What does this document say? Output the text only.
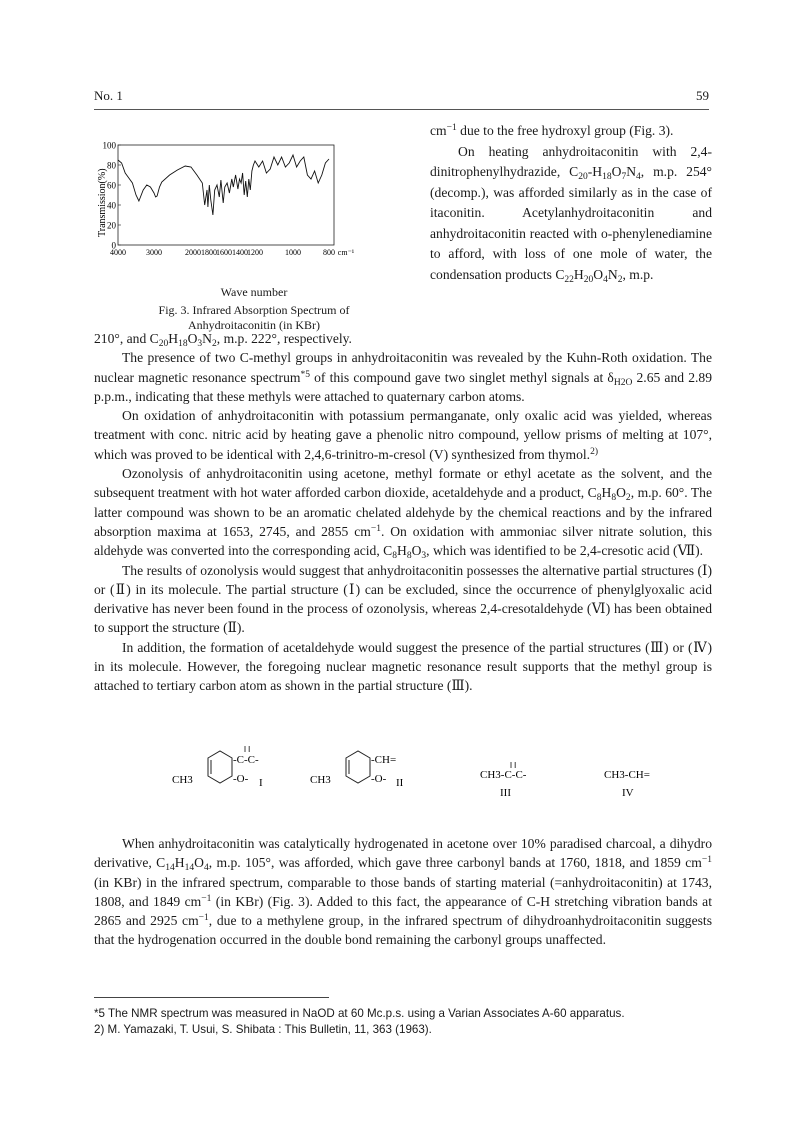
No. 1	59
Transmission(%)
100
80
60
40
20
0
4000	3000	2000 1800 1600 1400 1200	1000	800 cm⁻¹
Wave number
Fig. 3. Infrared Absorption Spectrum of
Anhydroitaconitin (in KBr)

$cm^{-1}$ due to the free hydroxyl group (Fig. 3).

On heating anhydroitaconitin with 2,4-dinitrophenylhydrazide, $C_{20}-H_{18}O_7N_4$, m.p. 254° (decomp.), was afforded similarly as in the case of itaconitin. Acetylanhydroitaconitin and anhydroitaconitin reacted with o-phenylenediamine to afford, with loss of one mole of water, the condensation products $C_{22}H_{20}O_4N_2$, m.p.

210°, and $C_{20}H_{18}O_3N_2$, m.p. 222°, respectively.

The presence of two C-methyl groups in anhydroitaconitin was revealed by the Kuhn-Roth oxidation. The nuclear magnetic resonance spectrum$^{*5}$ of this compound gave two singlet methyl signals at $\delta_{H2O}$ 2.65 and 2.89 p.p.m., indicating that these methyls were attached to quaternary carbon atoms.

On oxidation of anhydroitaconitin with potassium permanganate, only oxalic acid was yielded, whereas treatment with conc. nitric acid by heating gave a phenolic nitro compound, yellow prisms of melting at 107°, which was proved to be identical with 2,4,6-trinitro-m-cresol (V) synthesized from thymol.$^{2)}$

Ozonolysis of anhydroitaconitin using acetone, methyl formate or ethyl acetate as the solvent, and the subsequent treatment with hot water afforded carbon dioxide, acetaldehyde and a product, $C_8H_8O_2$, m.p. 60°. The latter compound was shown to be an aromatic chelated aldehyde by the chemical reactions and by the infrared absorption maxima at 1653, 2745, and 2855 $cm^{-1}$. On oxidation with ammoniac silver nitrate solution, this aldehyde was converted into the corresponding acid, $C_8H_8O_3$, which was identified to be 2,4-cresotic acid (Ⅶ).

The results of ozonolysis would suggest that anhydroitaconitin possesses the alternative partial structures (Ⅰ) or (Ⅱ) in its molecule. The partial structure (Ⅰ) can be excluded, since the occurrence of phenylglyoxalic acid derivative has never been found in the process of ozonolysis, whereas 2,4-cresotaldehyde (Ⅵ) has been obtained to support the structure (Ⅱ).

In addition, the formation of acetaldehyde would suggest the presence of the partial structures (Ⅲ) or (Ⅳ) in its molecule. However, the foregoing nuclear magnetic resonance result supports that the methyl group is attached to tertiary carbon atom as shown in the partial structure (Ⅲ).

-C-C-
‖ ‖
-O- I
CH3
-CH=
-O- II
CH3	CH3-C-C-
‖ ‖
III
CH3-CH=
IV

When anhydroitaconitin was catalytically hydrogenated in acetone over 10% paradised charcoal, a dihydro derivative, $C_{14}H_{14}O_4$, m.p. 105°, was afforded, which gave three carbonyl bands at 1760, 1818, and 1859 $cm^{-1}$ (in KBr) in the infrared spectrum, comparable to those bands of starting material (=anhydroitaconitin) at 1743, 1808, and 1849 $cm^{-1}$ (in KBr) (Fig. 3). Added to this fact, the appearance of C-H stretching vibration bands at 2865 and 2925 $cm^{-1}$, due to a methylene group, in the infrared spectrum of dihydroanhydroitaconitin suggests that the hydrogenation occurred in the double bond remaining the carbonyl groups unaffected.

*5 The NMR spectrum was measured in NaOD at 60 Mc.p.s. using a Varian Associates A-60 apparatus.
2) M. Yamazaki, T. Usui, S. Shibata : This Bulletin, 11, 363 (1963).
